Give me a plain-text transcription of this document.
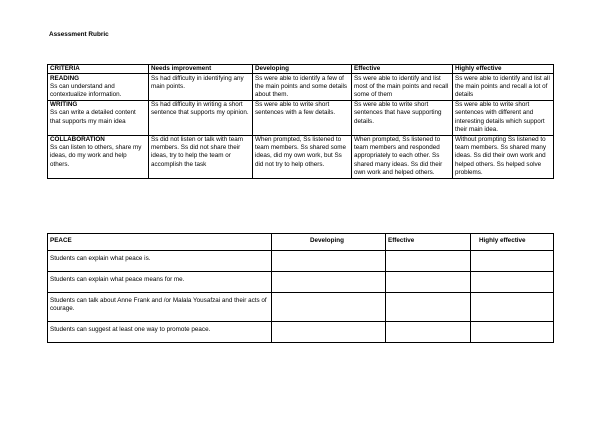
Assessment Rubric
CRITERIA	Needs improvement	Developing	Effective	Highly effective

READING
Ss can understand and contextualize information.	Ss had difficulty in identifying any main points.	Ss were able to identify a few of the main points and some details about them.	Ss were able to identify and list most of the main points and recall some of them	Ss were able to identify and list all the main points and recall a lot of details

WRITING
Ss can write a detailed content that supports my main idea	Ss had difficulty in writing a short sentence that supports my opinion.	Ss were able to write short sentences with a few details.	Ss were able to write short sentences that have supporting details.	Ss were able to write short sentences with different and interesting details which support their main idea.

COLLABORATION
Ss can listen to others, share my ideas, do my work and help others.	Ss did not listen or talk with team members. Ss did not share their ideas, try to help the team or accomplish the task	When prompted, Ss listened to team members. Ss shared some ideas, did my own work, but Ss did not try to help others.	When prompted, Ss listened to team members and responded appropriately to each other. Ss shared many ideas. Ss did their own work and helped others.	Without prompting Ss listened to team members. Ss shared many ideas. Ss did their own work and helped others. Ss helped solve problems.
PEACE	Developing	Effective	Highly effective
Students can explain what peace is.			
Students can explain what peace means for me.			
Students can talk about Anne Frank and /or Malala Yousafzai and their acts of courage.			
Students can suggest at least one way to promote peace.			
